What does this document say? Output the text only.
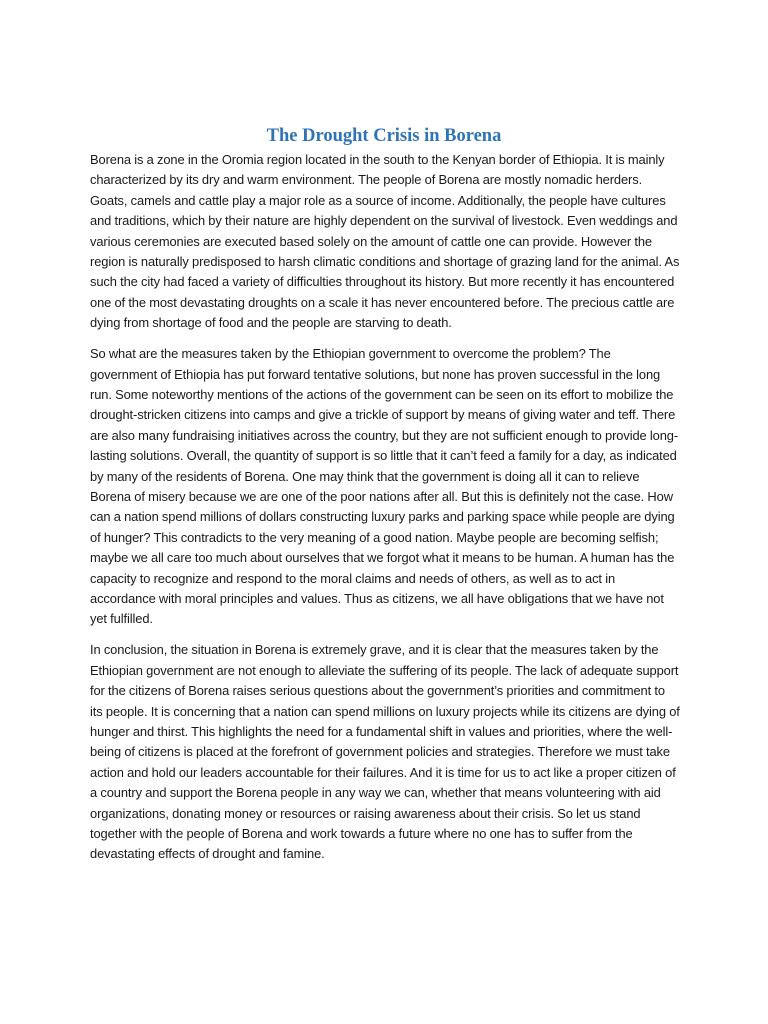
The Drought Crisis in Borena

Borena is a zone in the Oromia region located in the south to the Kenyan border of Ethiopia. It is mainly characterized by its dry and warm environment. The people of Borena are mostly nomadic herders. Goats, camels and cattle play a major role as a source of income. Additionally, the people have cultures and traditions, which by their nature are highly dependent on the survival of livestock. Even weddings and various ceremonies are executed based solely on the amount of cattle one can provide. However the region is naturally predisposed to harsh climatic conditions and shortage of grazing land for the animal. As such the city had faced a variety of difficulties throughout its history. But more recently it has encountered one of the most devastating droughts on a scale it has never encountered before. The precious cattle are dying from shortage of food and the people are starving to death.

So what are the measures taken by the Ethiopian government to overcome the problem? The government of Ethiopia has put forward tentative solutions, but none has proven successful in the long run. Some noteworthy mentions of the actions of the government can be seen on its effort to mobilize the drought-stricken citizens into camps and give a trickle of support by means of giving water and teff. There are also many fundraising initiatives across the country, but they are not sufficient enough to provide long-lasting solutions. Overall, the quantity of support is so little that it can’t feed a family for a day, as indicated by many of the residents of Borena. One may think that the government is doing all it can to relieve Borena of misery because we are one of the poor nations after all. But this is definitely not the case. How can a nation spend millions of dollars constructing luxury parks and parking space while people are dying of hunger? This contradicts to the very meaning of a good nation. Maybe people are becoming selfish; maybe we all care too much about ourselves that we forgot what it means to be human. A human has the capacity to recognize and respond to the moral claims and needs of others, as well as to act in accordance with moral principles and values. Thus as citizens, we all have obligations that we have not yet fulfilled.

In conclusion, the situation in Borena is extremely grave, and it is clear that the measures taken by the Ethiopian government are not enough to alleviate the suffering of its people. The lack of adequate support for the citizens of Borena raises serious questions about the government’s priorities and commitment to its people. It is concerning that a nation can spend millions on luxury projects while its citizens are dying of hunger and thirst. This highlights the need for a fundamental shift in values and priorities, where the well-being of citizens is placed at the forefront of government policies and strategies. Therefore we must take action and hold our leaders accountable for their failures. And it is time for us to act like a proper citizen of a country and support the Borena people in any way we can, whether that means volunteering with aid organizations, donating money or resources or raising awareness about their crisis. So let us stand together with the people of Borena and work towards a future where no one has to suffer from the devastating effects of drought and famine.
